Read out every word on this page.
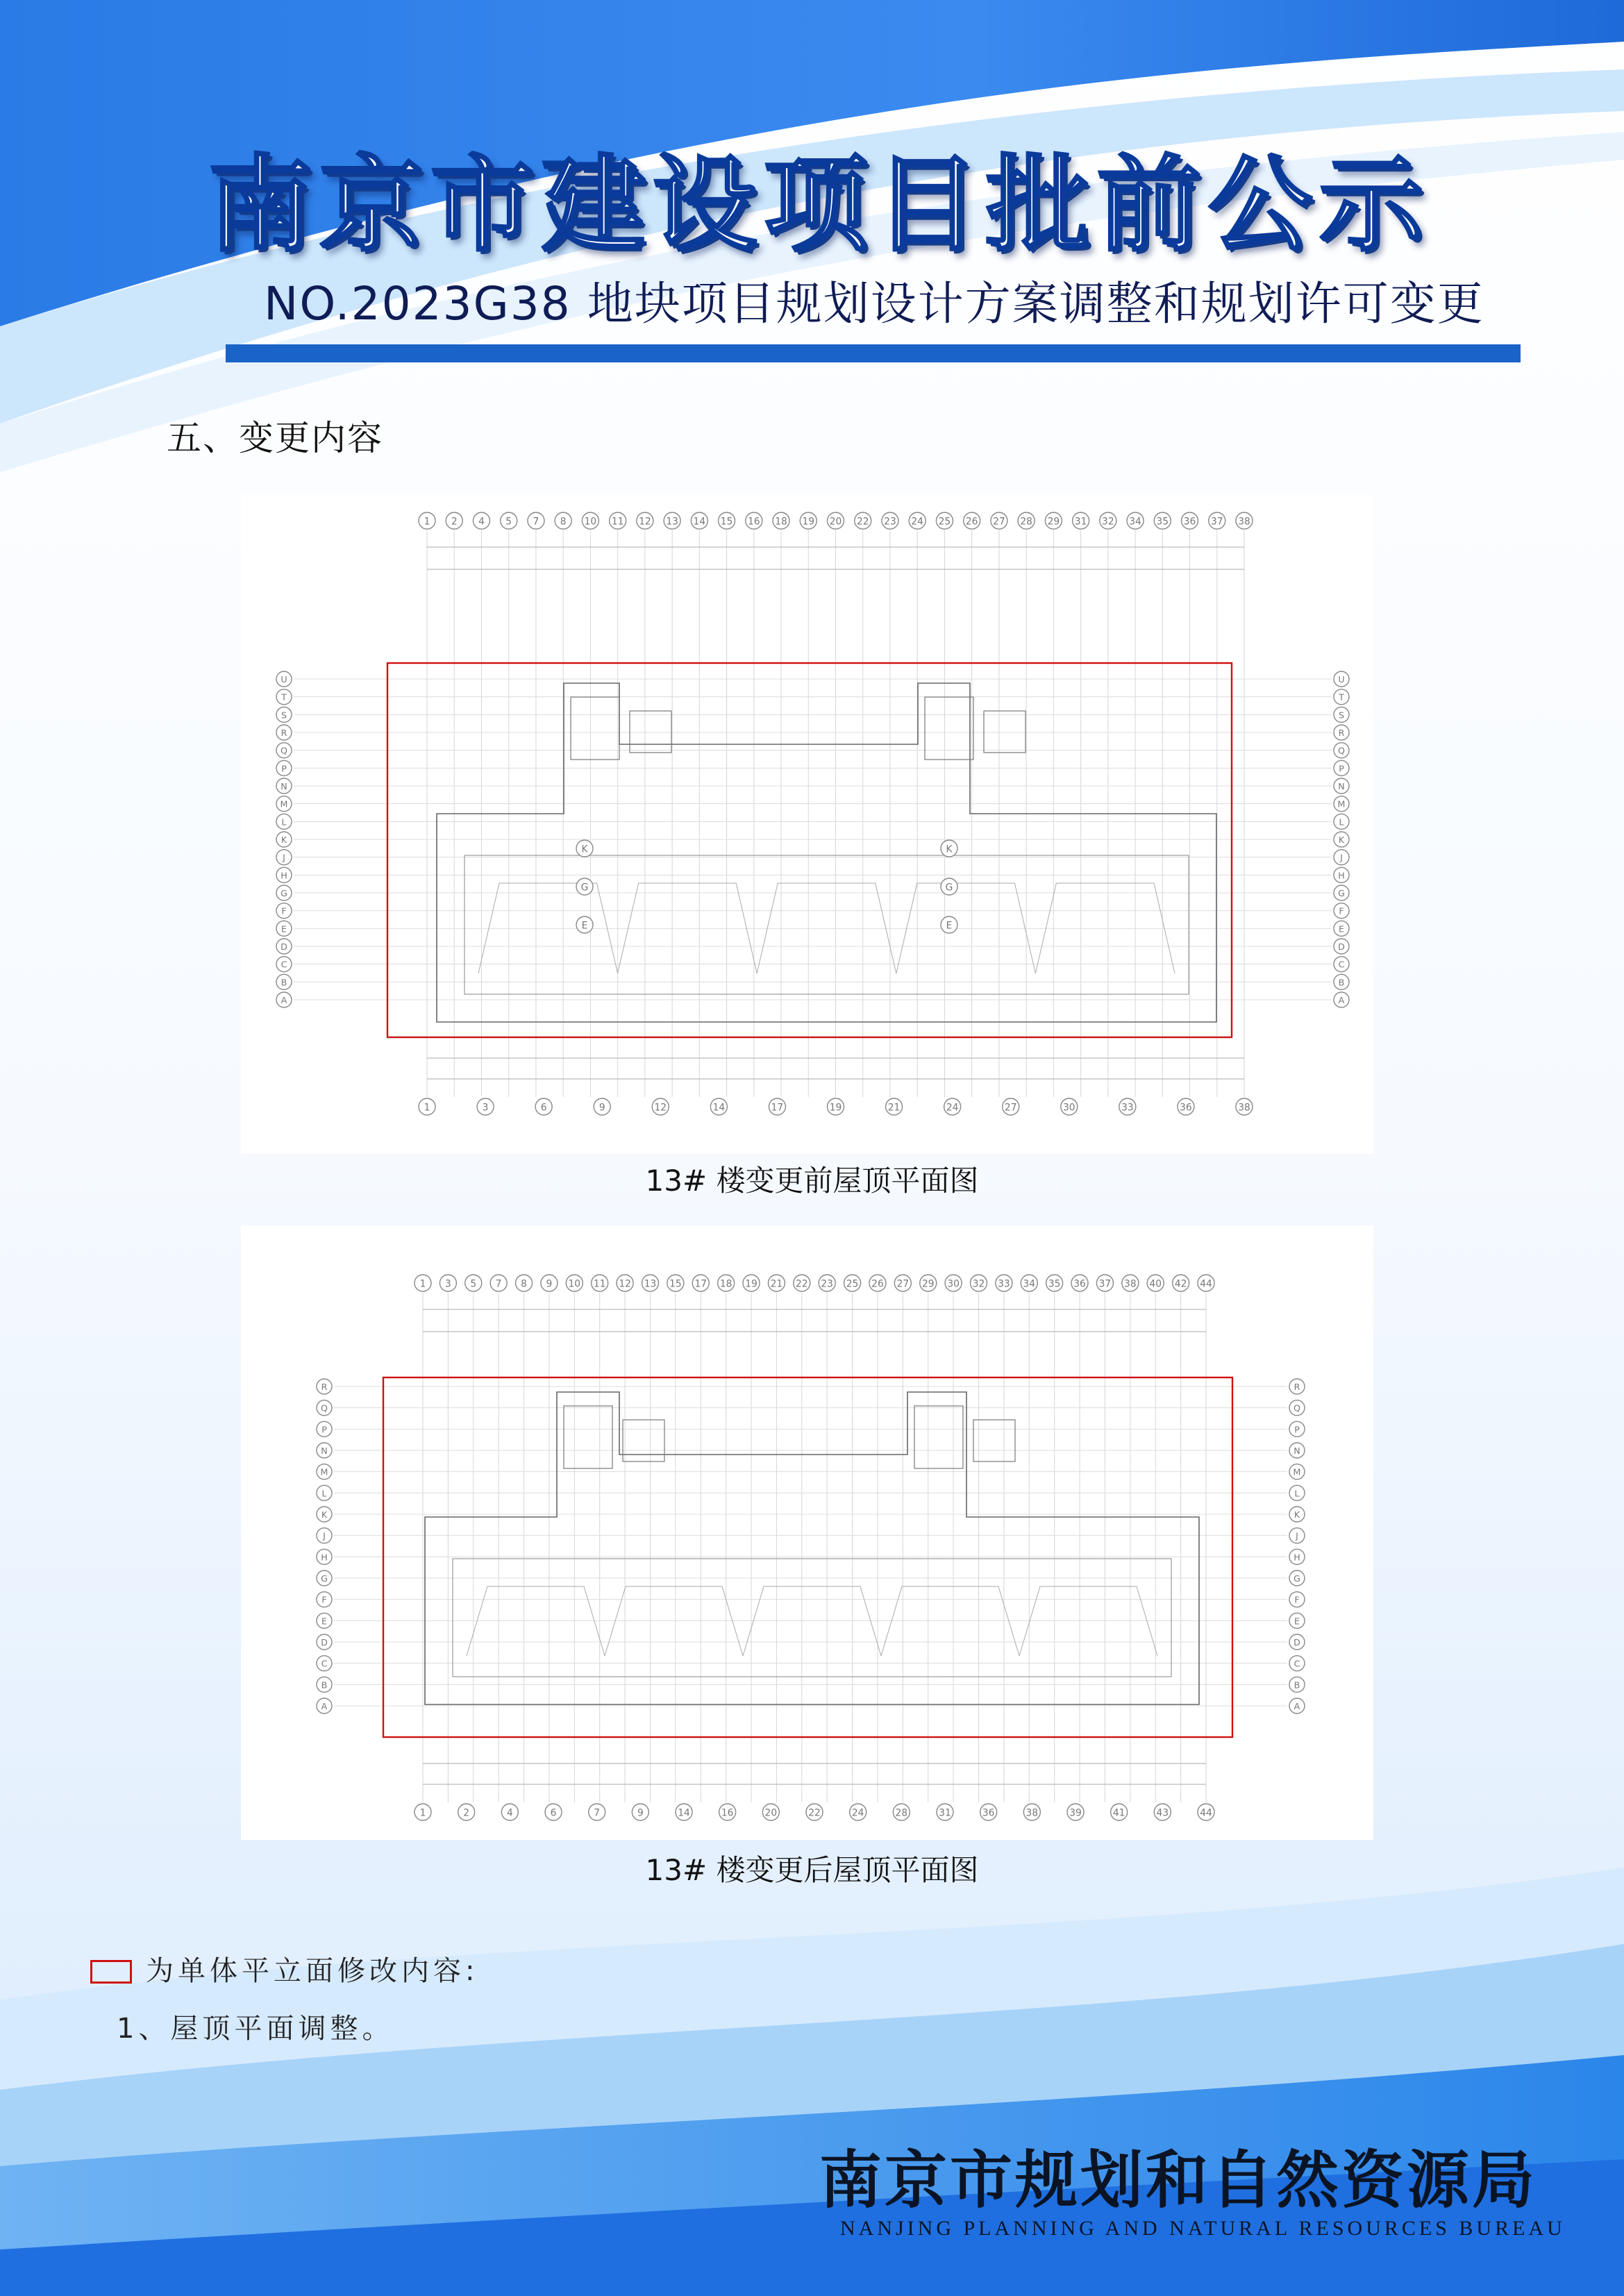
南京市建设项目批前公示
NO.2023G38 地块项目规划设计方案调整和规划许可变更
五、变更内容
1 2 4 5 7 8 10 11 12 13 14 15 16 18 19 20 22 23 24 25 26 27 28 29 31 32 34 35 36 37 38
1	3	6	9	12	14	17	19	21	24	27	30	33	36	38
U	U
T	T
S	S
R	R
Q	Q
P	P
N	N
M	M
L	L
K	K
J	J
H	H
G	G
F	F
E	E
D	D
C	C
B	B
A	A
K	K
G	G
E	E
13# 楼变更前屋顶平面图
1 3 5 7 8 9 10 11 12 13 15 17 18 19 21 22 23 25 26 27 29 30 32 33 34 35 36 37 38 40 42 44
1	2	4	6	7	9	14	16	20	22	24	28	31	36	38	39	41	43	44
R	R
Q	Q
P	P
N	N
M	M
L	L
K	K
J	J
H	H
G	G
F	F
E	E
D	D
C	C
B	B
A	A
13# 楼变更后屋顶平面图
为单体平立面修改内容:
1、屋顶平面调整。
南京市规划和自然资源局
NANJING PLANNING AND NATURAL RESOURCES BUREAU
